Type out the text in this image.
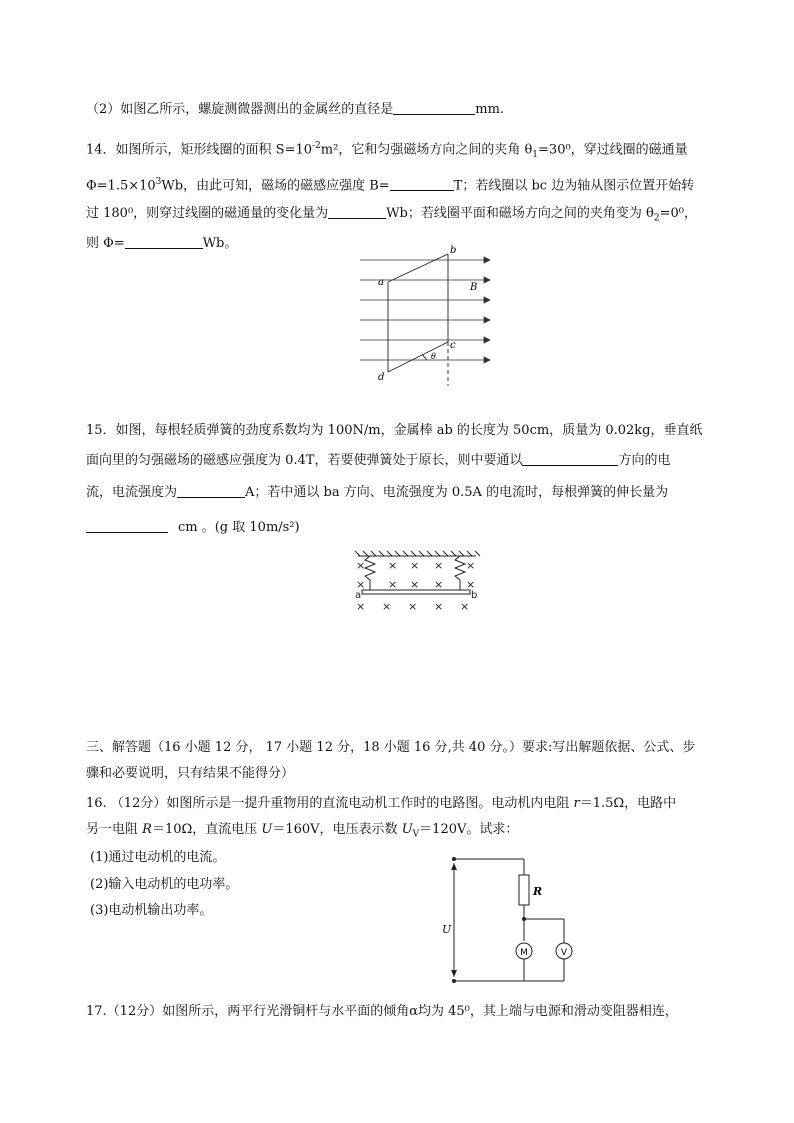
（2）如图乙所示，螺旋测微器测出的金属丝的直径是	mm.
14．如图所示，矩形线圈的面积 $S=10^{-2}m^2$，它和匀强磁场方向之间的夹角 $\theta_1=30^0$，穿过线圈的磁通量
$\Phi=1.5\times 10^3Wb$，由此可知，磁场的磁感应强度 B=	T；若线圈以 bc 边为轴从图示位置开始转
过 180⁰，则穿过线圈的磁通量的变化量为	Wb；若线圈平面和磁场方向之间的夹角变为 $\theta_2=0^0$，
则 Φ=	Wb。
a
b
c
d
B
θ
15．如图，每根轻质弹簧的劲度系数均为 100N/m，金属棒 ab 的长度为 50cm，质量为 0.02kg，垂直纸
面向里的匀强磁场的磁感应强度为 0.4T，若要使弹簧处于原长，则中要通以	方向的电
流，电流强度为	A；若中通以 ba 方向、电流强度为 0.5A 的电流时，每根弹簧的伸长量为
cm 。(g 取 10m/s²)
× × × × ×
× × × × ×
× × × × ×
a	b
三、解答题（16 小题 12 分， 17 小题 12 分，18 小题 16 分,共 40 分。）要求:写出解题依据、公式、步
骤和必要说明，只有结果不能得分）
16. （12分）如图所示是一提升重物用的直流电动机工作时的电路图。电动机内电阻 r＝1.5Ω，电路中
另一电阻 R＝10Ω，直流电压 U＝160V，电压表示数 $U_V=120V$。试求：
(1)通过电动机的电流。
(2)输入电动机的电功率。
(3)电动机输出功率。
R
U
M	V
17.（12分）如图所示，两平行光滑铜杆与水平面的倾角α均为 45⁰，其上端与电源和滑动变阻器相连，
